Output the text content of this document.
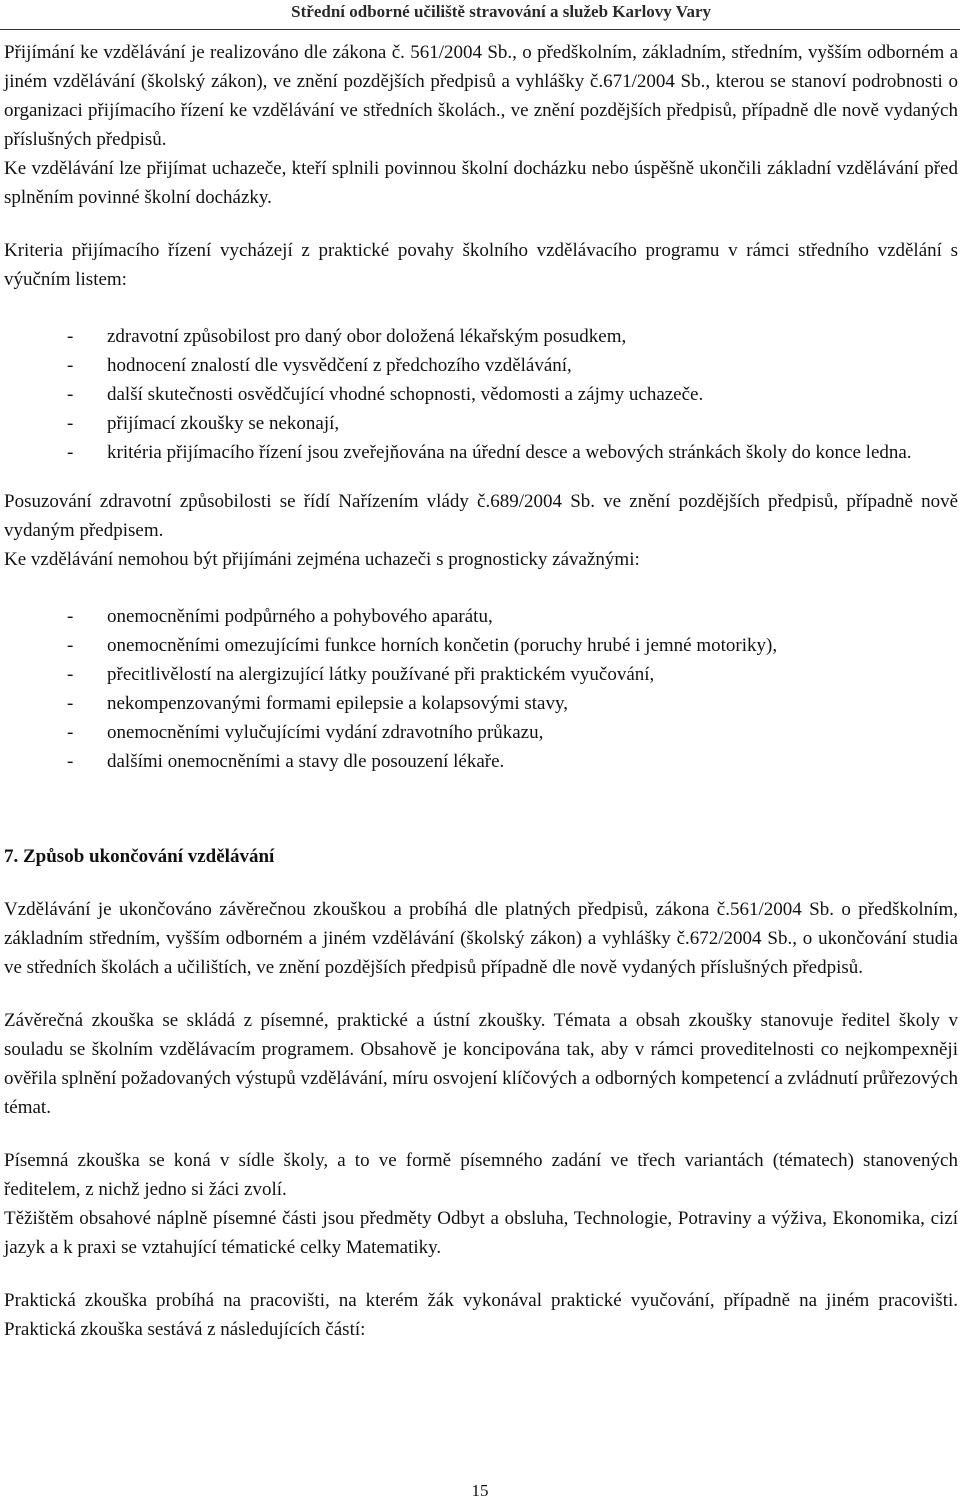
Střední odborné učiliště stravování a služeb Karlovy Vary

Přijímání ke vzdělávání je realizováno dle zákona č. 561/2004 Sb., o předškolním, základním, středním, vyšším odborném a jiném vzdělávání (školský zákon), ve znění pozdějších předpisů a vyhlášky č.671/2004 Sb., kterou se stanoví podrobnosti o organizaci přijímacího řízení ke vzdělávání ve středních školách., ve znění pozdějších předpisů, případně dle nově vydaných příslušných předpisů.

Ke vzdělávání lze přijímat uchazeče, kteří splnili povinnou školní docházku nebo úspěšně ukončili základní vzdělávání před splněním povinné školní docházky.

Kriteria přijímacího řízení vycházejí z praktické povahy školního vzdělávacího programu v rámci středního vzdělání s výučním listem:

- zdravotní způsobilost pro daný obor doložená lékařským posudkem,
- hodnocení znalostí dle vysvědčení z předchozího vzdělávání,
- další skutečnosti osvědčující vhodné schopnosti, vědomosti a zájmy uchazeče.
- přijímací zkoušky se nekonají,
- kritéria přijímacího řízení jsou zveřejňována na úřední desce a webových stránkách školy do konce ledna.

Posuzování zdravotní způsobilosti se řídí Nařízením vlády č.689/2004 Sb. ve znění pozdějších předpisů, případně nově vydaným předpisem.

Ke vzdělávání nemohou být přijímáni zejména uchazeči s prognosticky závažnými:

- onemocněními podpůrného a pohybového aparátu,
- onemocněními omezujícími funkce horních končetin (poruchy hrubé i jemné motoriky),
- přecitlivělostí na alergizující látky používané při praktickém vyučování,
- nekompenzovanými formami epilepsie a kolapsovými stavy,
- onemocněními vylučujícími vydání zdravotního průkazu,
- dalšími onemocněními a stavy dle posouzení lékaře.
7. Způsob ukončování vzdělávání

Vzdělávání je ukončováno závěrečnou zkouškou a probíhá dle platných předpisů, zákona č.561/2004 Sb. o předškolním, základním středním, vyšším odborném a jiném vzdělávání (školský zákon) a vyhlášky č.672/2004 Sb., o ukončování studia ve středních školách a učilištích, ve znění pozdějších předpisů případně dle nově vydaných příslušných předpisů.

Závěrečná zkouška se skládá z písemné, praktické a ústní zkoušky. Témata a obsah zkoušky stanovuje ředitel školy v souladu se školním vzdělávacím programem. Obsahově je koncipována tak, aby v rámci proveditelnosti co nejkompexněji ověřila splnění požadovaných výstupů vzdělávání, míru osvojení klíčových a odborných kompetencí a zvládnutí průřezových témat.

Písemná zkouška se koná v sídle školy, a to ve formě písemného zadání ve třech variantách (tématech) stanovených ředitelem, z nichž jedno si žáci zvolí.

Těžištěm obsahové náplně písemné části jsou předměty Odbyt a obsluha, Technologie, Potraviny a výživa, Ekonomika, cizí jazyk a k praxi se vztahující tématické celky Matematiky.

Praktická zkouška probíhá na pracovišti, na kterém žák vykonával praktické vyučování, případně na jiném pracovišti. Praktická zkouška sestává z následujících částí:

15
